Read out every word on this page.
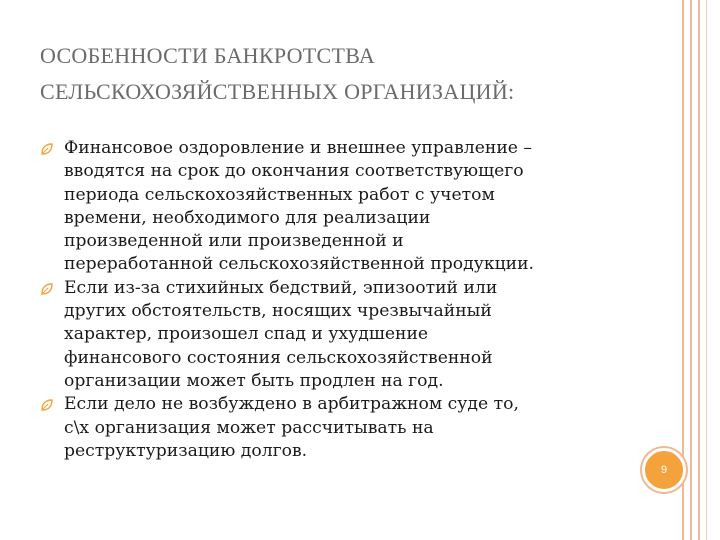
ОСОБЕННОСТИ БАНКРОТСТВА
СЕЛЬСКОХОЗЯЙСТВЕННЫХ ОРГАНИЗАЦИЙ:
Финансовое оздоровление и внешнее управление –
вводятся на срок до окончания соответствующего
периода сельскохозяйственных работ с учетом
времени, необходимого для реализации
произведенной или произведенной и
переработанной сельскохозяйственной продукции.
Если из-за стихийных бедствий, эпизоотий или
других обстоятельств, носящих чрезвычайный
характер, произошел спад и ухудшение
финансового состояния сельскохозяйственной
организации может быть продлен на год.
Если дело не возбуждено в арбитражном суде то,
с\х организация может рассчитывать на
реструктуризацию долгов.
9
